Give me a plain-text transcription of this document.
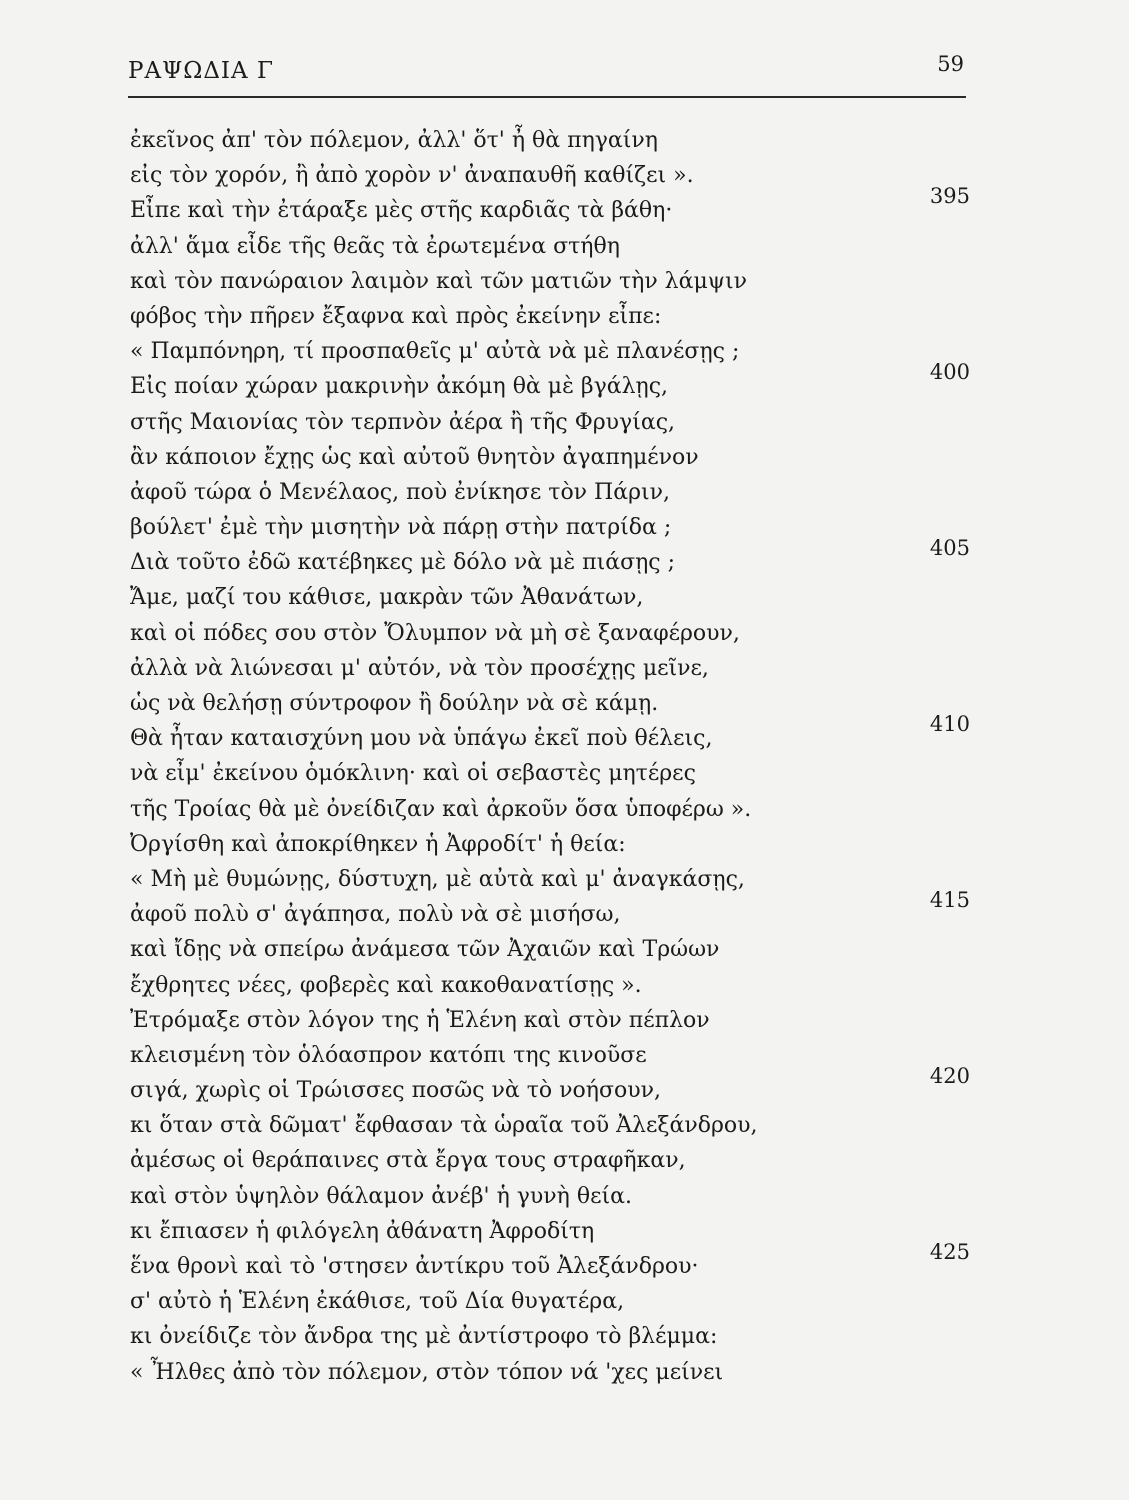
ΡΑΨΩΔΙΑ Γ	59
ἐκεῖνος ἀπ' τὸν πόλεμον, ἀλλ' ὅτ' ἦ θὰ πηγαίνη
εἰς τὸν χορόν, ἢ ἀπὸ χορὸν ν' ἀναπαυθῆ καθίζει ».
Εἶπε καὶ τὴν ἐτάραξε μὲς στῆς καρδιᾶς τὰ βάθη·
395
ἀλλ' ἅμα εἶδε τῆς θεᾶς τὰ ἐρωτεμένα στήθη
καὶ τὸν πανώραιον λαιμὸν καὶ τῶν ματιῶν τὴν λάμψιν
φόβος τὴν πῆρεν ἔξαφνα καὶ πρὸς ἐκείνην εἶπε:
« Παμπόνηρη, τί προσπαθεῖς μ' αὐτὰ νὰ μὲ πλανέσῃς ;
Εἰς ποίαν χώραν μακρινὴν ἀκόμη θὰ μὲ βγάλῃς,
400
στῆς Μαιονίας τὸν τερπνὸν ἀέρα ἢ τῆς Φρυγίας,
ἂν κάποιον ἔχῃς ὡς καὶ αὐτοῦ θνητὸν ἀγαπημένον
ἀφοῦ τώρα ὁ Μενέλαος, ποὺ ἐνίκησε τὸν Πάριν,
βούλετ' ἐμὲ τὴν μισητὴν νὰ πάρῃ στὴν πατρίδα ;
Διὰ τοῦτο ἐδῶ κατέβηκες μὲ δόλο νὰ μὲ πιάσῃς ;
405
Ἄμε, μαζί του κάθισε, μακρὰν τῶν Ἀθανάτων,
καὶ οἱ πόδες σου στὸν Ὄλυμπον νὰ μὴ σὲ ξαναφέρουν,
ἀλλὰ νὰ λιώνεσαι μ' αὐτόν, νὰ τὸν προσέχῃς μεῖνε,
ὡς νὰ θελήσῃ σύντροφον ἢ δούλην νὰ σὲ κάμῃ.
Θὰ ἦταν καταισχύνη μου νὰ ὑπάγω ἐκεῖ ποὺ θέλεις,
410
νὰ εἶμ' ἐκείνου ὁμόκλινη· καὶ οἱ σεβαστὲς μητέρες
τῆς Τροίας θὰ μὲ ὀνείδιζαν καὶ ἀρκοῦν ὅσα ὑποφέρω ».
Ὀργίσθη καὶ ἀποκρίθηκεν ἡ Ἀφροδίτ' ἡ θεία:
« Μὴ μὲ θυμώνῃς, δύστυχη, μὲ αὐτὰ καὶ μ' ἀναγκάσῃς,
ἀφοῦ πολὺ σ' ἀγάπησα, πολὺ νὰ σὲ μισήσω,
415
καὶ ἴδῃς νὰ σπείρω ἀνάμεσα τῶν Ἀχαιῶν καὶ Τρώων
ἔχθρητες νέες, φοβερὲς καὶ κακοθανατίσῃς ».
Ἐτρόμαξε στὸν λόγον της ἡ Ἑλένη καὶ στὸν πέπλον
κλεισμένη τὸν ὁλόασπρον κατόπι της κινοῦσε
σιγά, χωρὶς οἱ Τρώισσες ποσῶς νὰ τὸ νοήσουν,
420
κι ὅταν στὰ δῶματ' ἔφθασαν τὰ ὡραῖα τοῦ Ἀλεξάνδρου,
ἀμέσως οἱ θεράπαινες στὰ ἔργα τους στραφῆκαν,
καὶ στὸν ὑψηλὸν θάλαμον ἀνέβ' ἡ γυνὴ θεία.
κι ἔπιασεν ἡ φιλόγελη ἀθάνατη Ἀφροδίτη
ἕνα θρονὶ καὶ τὸ 'στησεν ἀντίκρυ τοῦ Ἀλεξάνδρου·
425
σ' αὐτὸ ἡ Ἑλένη ἐκάθισε, τοῦ Δία θυγατέρα,
κι ὀνείδιζε τὸν ἄνδρα της μὲ ἀντίστροφο τὸ βλέμμα:
« Ἦλθες ἀπὸ τὸν πόλεμον, στὸν τόπον νά 'χες μείνει
